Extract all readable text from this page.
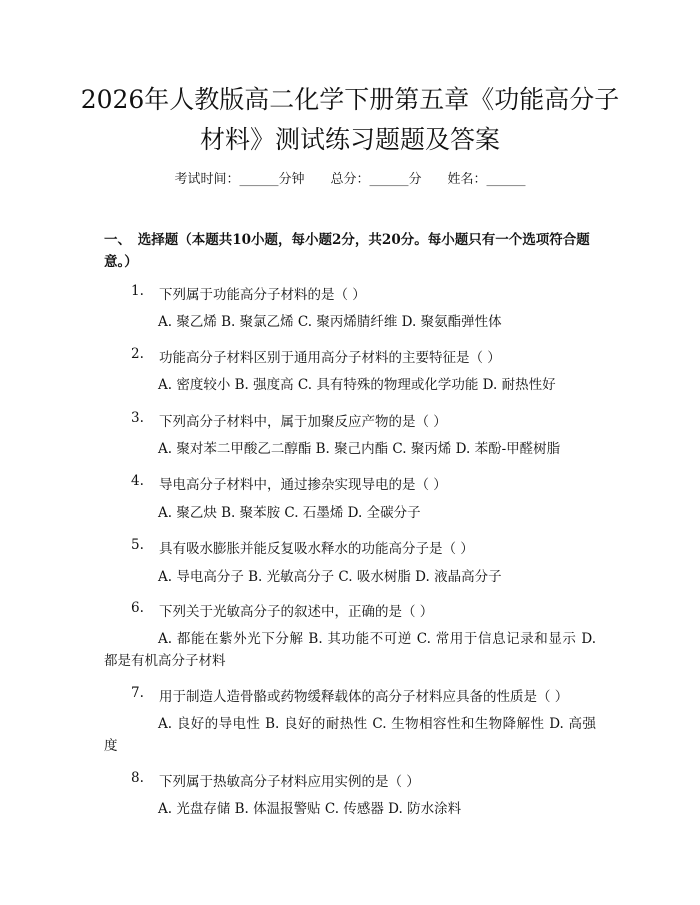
2026年人教版高二化学下册第五章《功能高分子材料》测试练习题题及答案
考试时间：______分钟　　总分：______分　　姓名：______
一、　选择题（本题共10小题，每小题2分，共20分。每小题只有一个选项符合题意。）
1.	下列属于功能高分子材料的是（ ）
A. 聚乙烯 B. 聚氯乙烯 C. 聚丙烯腈纤维 D. 聚氨酯弹性体
2.	功能高分子材料区别于通用高分子材料的主要特征是（ ）
A. 密度较小 B. 强度高 C. 具有特殊的物理或化学功能 D. 耐热性好
3.	下列高分子材料中，属于加聚反应产物的是（ ）
A. 聚对苯二甲酸乙二醇酯 B. 聚己内酯 C. 聚丙烯 D. 苯酚-甲醛树脂
4.	导电高分子材料中，通过掺杂实现导电的是（ ）
A. 聚乙炔 B. 聚苯胺 C. 石墨烯 D. 全碳分子
5.	具有吸水膨胀并能反复吸水释水的功能高分子是（ ）
A. 导电高分子 B. 光敏高分子 C. 吸水树脂 D. 液晶高分子
6.	下列关于光敏高分子的叙述中，正确的是（ ）
A. 都能在紫外光下分解 B. 其功能不可逆 C. 常用于信息记录和显示 D. 都是有机高分子材料
7.	用于制造人造骨骼或药物缓释载体的高分子材料应具备的性质是（ ）
A. 良好的导电性 B. 良好的耐热性 C. 生物相容性和生物降解性 D. 高强度
8.	下列属于热敏高分子材料应用实例的是（ ）
A. 光盘存储 B. 体温报警贴 C. 传感器 D. 防水涂料
